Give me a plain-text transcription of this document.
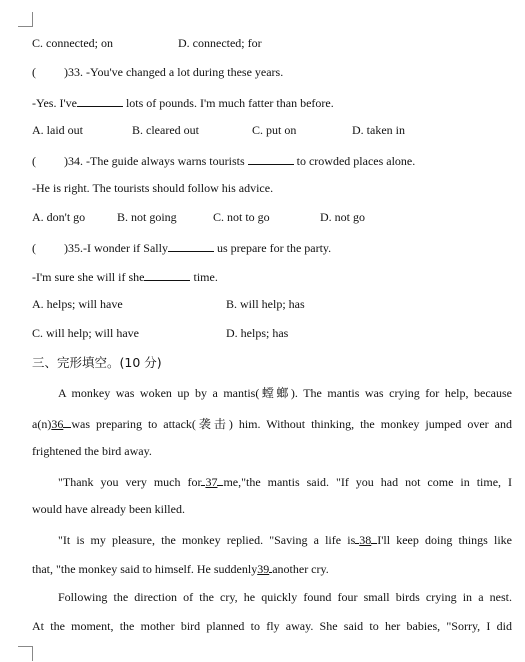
C. connected; on	D. connected; for
( )33. -You've changed a lot during these years.
-Yes. I've	lots of pounds. I'm much fatter than before.
A. laid out	B. cleared out	C. put on	D. taken in
( )34. -The guide always warns tourists	to crowded places alone.
-He is right. The tourists should follow his advice.
A. don't go	B. not going	C. not to go	D. not go
( )35.-I wonder if Sally	us prepare for the party.
-I'm sure she will if she	time.
A. helps; will have	B. will help; has
C. will help; will have	D. helps; has
三、完形填空。(10 分)
A monkey was woken up by a mantis(螳螂). The mantis was crying for help, because
a(n)36 was preparing to attack(袭击) him. Without thinking, the monkey jumped over and
frightened the bird away.
"Thank you very much for 37 me,"the mantis said. "If you had not come in time, I
would have already been killed.
"It is my pleasure, the monkey replied. "Saving a life is 38 I'll keep doing things like
that, "the monkey said to himself. He suddenly39 another cry.
Following the direction of the cry, he quickly found four small birds crying in a nest.
At the moment, the mother bird planned to fly away. She said to her babies, "Sorry, I did
